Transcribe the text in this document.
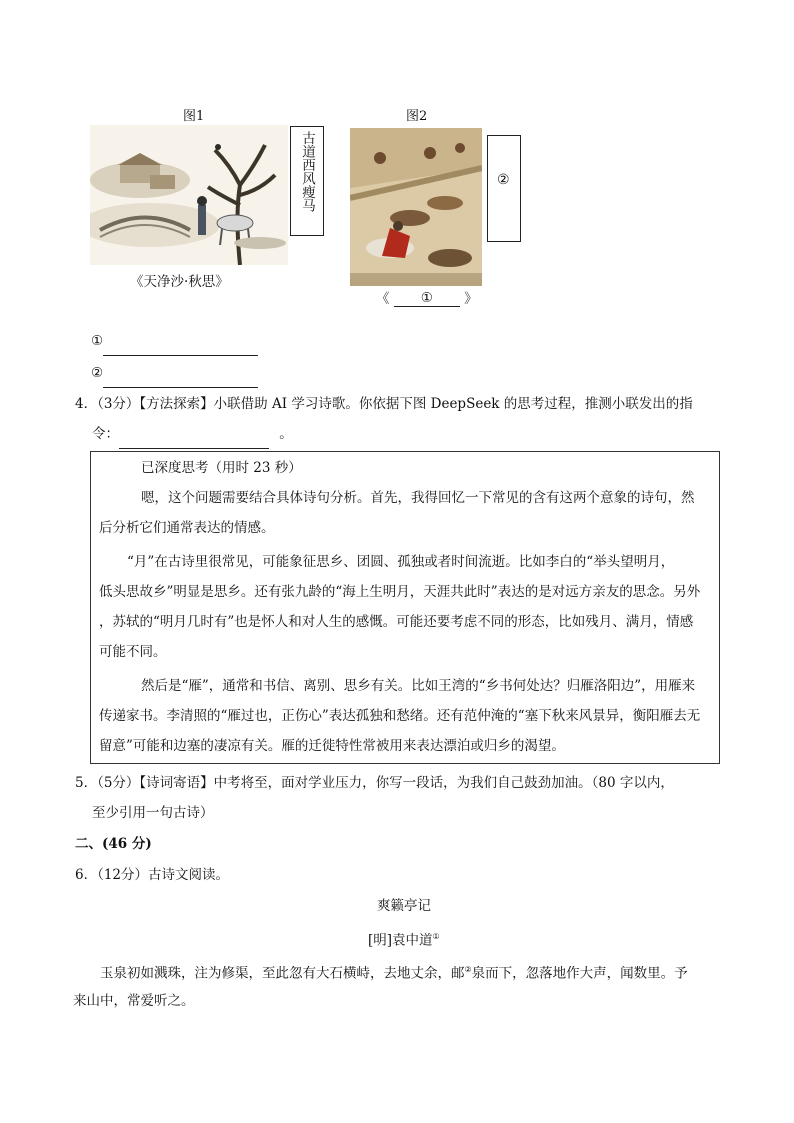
图1
古道西风瘦马
《天净沙·秋思》
图2
②
《 ① 》
①
②
4．（3分）【方法探索】小联借助 AI 学习诗歌。你依据下图 DeepSeek 的思考过程，推测小联发出的指
令：	。
已深度思考（用时 23 秒）
嗯，这个问题需要结合具体诗句分析。首先，我得回忆一下常见的含有这两个意象的诗句，然
后分析它们通常表达的情感。
“月”在古诗里很常见，可能象征思乡、团圆、孤独或者时间流逝。比如李白的“举头望明月，
低头思故乡”明显是思乡。还有张九龄的“海上生明月，天涯共此时”表达的是对远方亲友的思念。另外
，苏轼的“明月几时有”也是怀人和对人生的感慨。可能还要考虑不同的形态，比如残月、满月，情感
可能不同。
然后是“雁”，通常和书信、离别、思乡有关。比如王湾的“乡书何处达？归雁洛阳边”，用雁来
传递家书。李清照的“雁过也，正伤心”表达孤独和愁绪。还有范仲淹的“塞下秋来风景异，衡阳雁去无
留意”可能和边塞的凄凉有关。雁的迁徙特性常被用来表达漂泊或归乡的渴望。
5．（5分）【诗词寄语】中考将至，面对学业压力，你写一段话，为我们自己鼓劲加油。（80 字以内，
至少引用一句古诗）
二、(46 分)
6．（12分）古诗文阅读。
爽籁亭记
[明]袁中道①
玉泉初如溅珠，注为修渠，至此忽有大石横峙，去地丈余，邮②泉而下，忽落地作大声，闻数里。予
来山中，常爱听之。
